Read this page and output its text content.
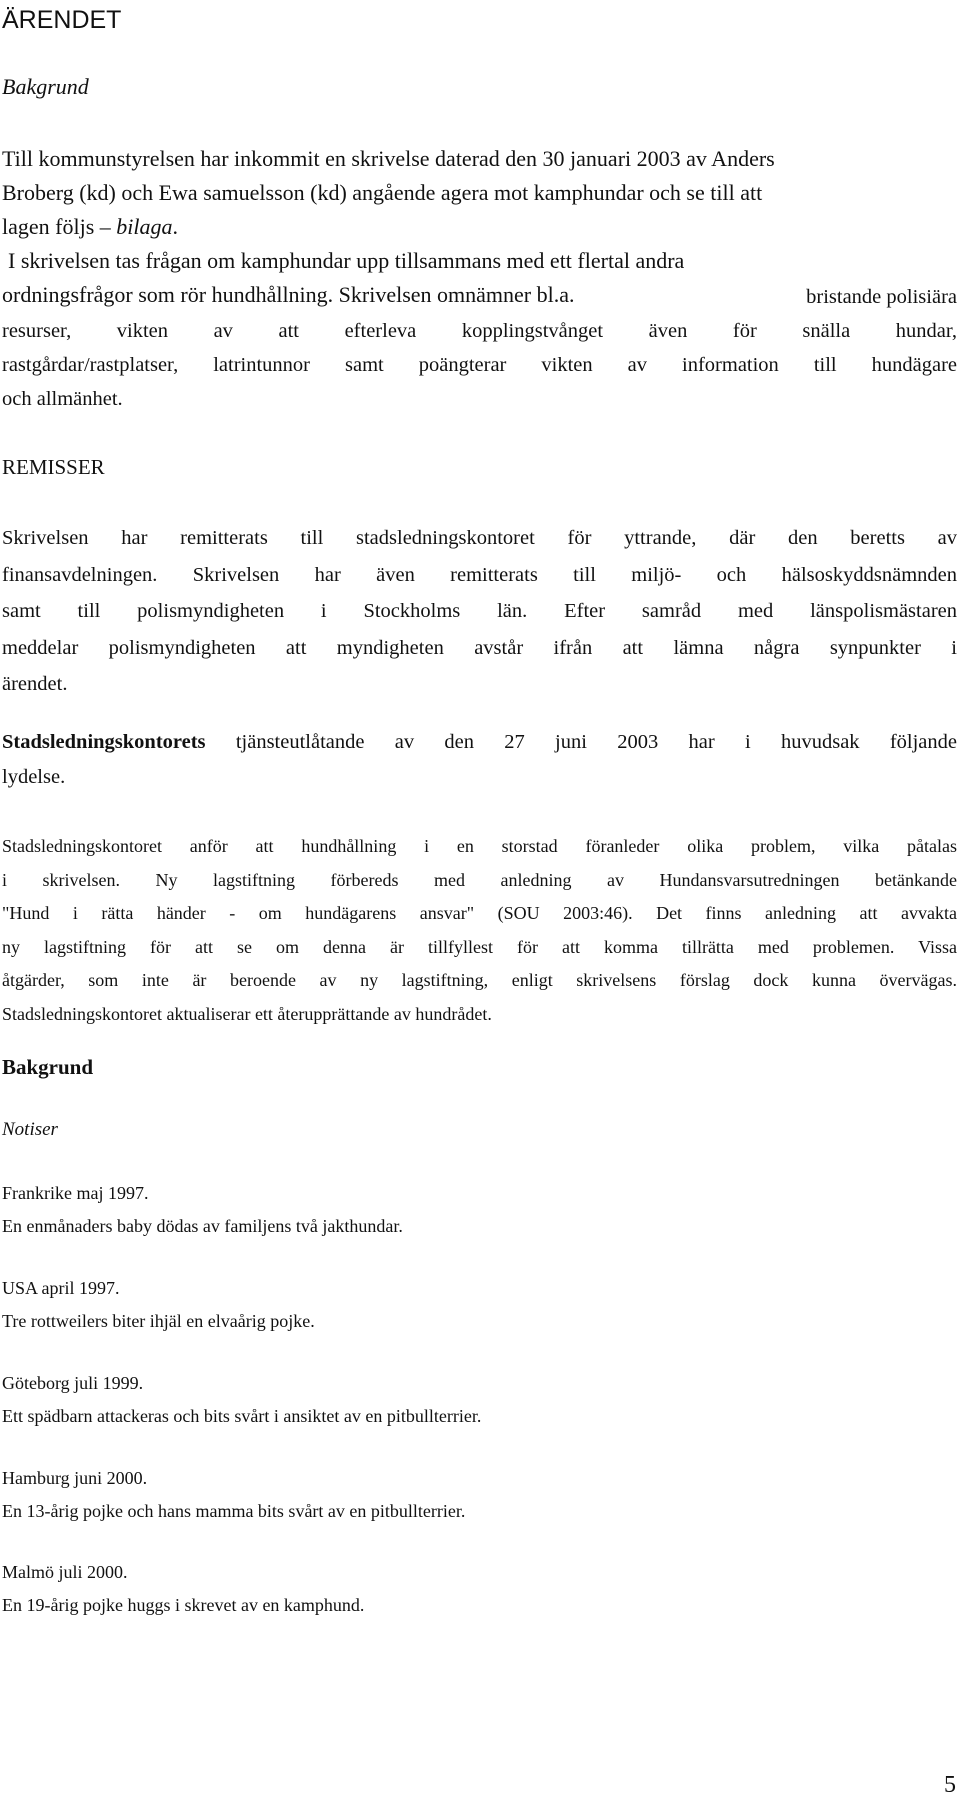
ÄRENDET
Bakgrund

Till kommunstyrelsen har inkommit en skrivelse daterad den 30 januari 2003 av Anders
Broberg (kd) och Ewa samuelsson (kd) angående agera mot kamphundar och se till att
lagen följs – bilaga.
I skrivelsen tas frågan om kamphundar upp tillsammans med ett flertal andra
ordningsfrågor som rör hundhållning. Skrivelsen omnämner bl.a.	bristande polisiära
resurser, vikten av att efterleva kopplingstvånget även för snälla hundar,
rastgårdar/rastplatser, latrintunnor samt poängterar vikten av information till hundägare
och allmänhet.

REMISSER

Skrivelsen har remitterats till stadsledningskontoret för yttrande, där den beretts av
finansavdelningen. Skrivelsen har även remitterats till miljö- och hälsoskyddsnämnden
samt till polismyndigheten i Stockholms län. Efter samråd med länspolismästaren
meddelar polismyndigheten att myndigheten avstår ifrån att lämna några synpunkter i
ärendet.

Stadsledningskontorets tjänsteutlåtande av den 27 juni 2003 har i huvudsak följande
lydelse.

Stadsledningskontoret anför att hundhållning i en storstad föranleder olika problem, vilka påtalas
i skrivelsen. Ny lagstiftning förbereds med anledning av Hundansvarsutredningen betänkande
"Hund i rätta händer - om hundägarens ansvar" (SOU 2003:46). Det finns anledning att avvakta
ny lagstiftning för att se om denna är tillfyllest för att komma tillrätta med problemen. Vissa
åtgärder, som inte är beroende av ny lagstiftning, enligt skrivelsens förslag dock kunna övervägas.
Stadsledningskontoret aktualiserar ett återupprättande av hundrådet.

Bakgrund
Notiser
Frankrike maj 1997.
En enmånaders baby dödas av familjens två jakthundar.
USA april 1997.
Tre rottweilers biter ihjäl en elvaårig pojke.
Göteborg juli 1999.
Ett spädbarn attackeras och bits svårt i ansiktet av en pitbullterrier.
Hamburg juni 2000.
En 13-årig pojke och hans mamma bits svårt av en pitbullterrier.
Malmö juli 2000.
En 19-årig pojke huggs i skrevet av en kamphund.

5
